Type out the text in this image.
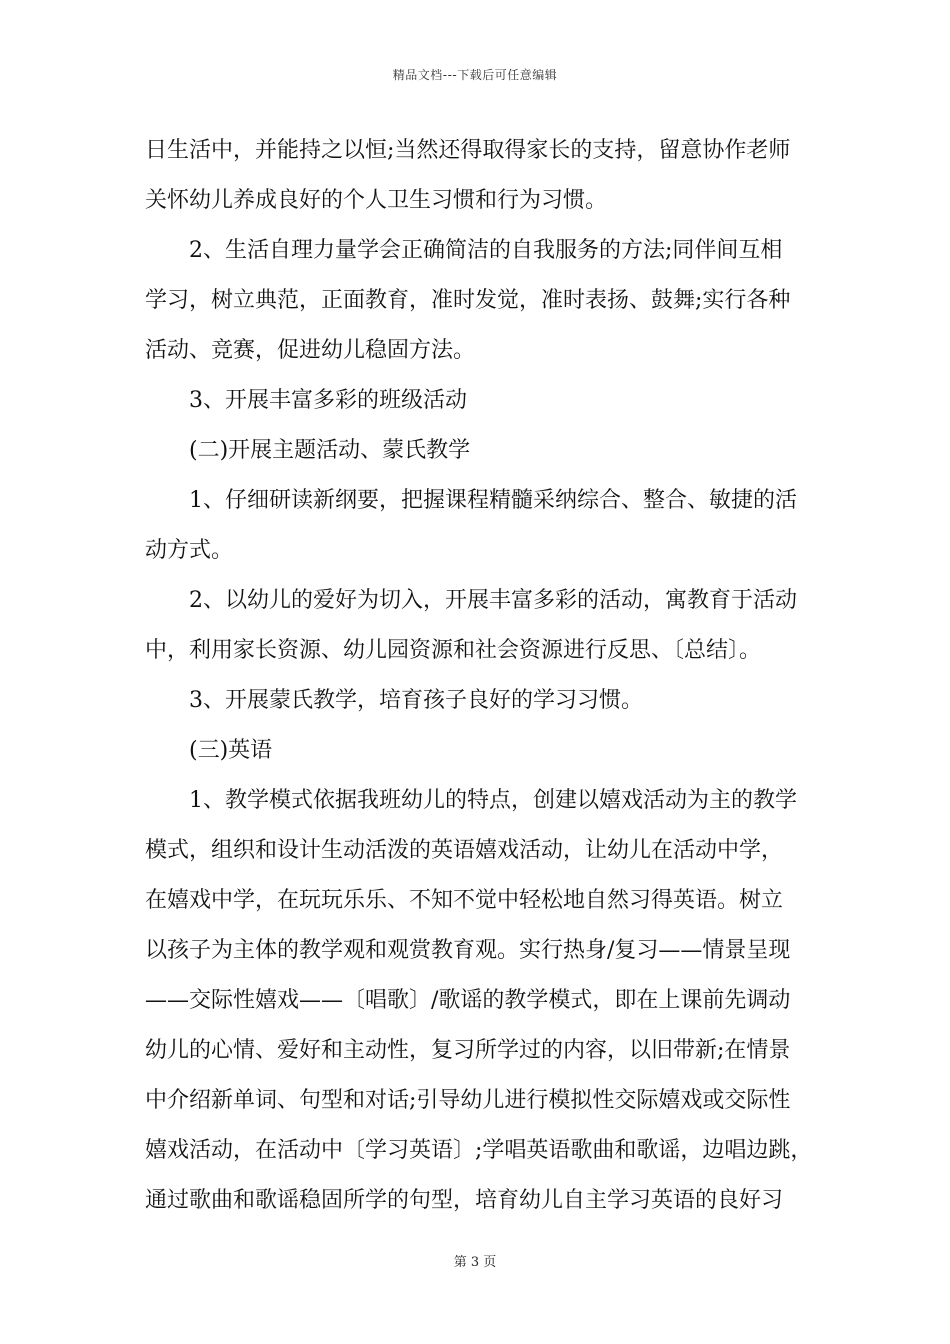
精品文档---下载后可任意编辑
日生活中，并能持之以恒;当然还得取得家长的支持，留意协作老师
关怀幼儿养成良好的个人卫生习惯和行为习惯。
2、生活自理力量学会正确简洁的自我服务的方法;同伴间互相
学习，树立典范，正面教育，准时发觉，准时表扬、鼓舞;实行各种
活动、竞赛，促进幼儿稳固方法。
3、开展丰富多彩的班级活动
(二)开展主题活动、蒙氏教学
1、仔细研读新纲要，把握课程精髓采纳综合、整合、敏捷的活
动方式。
2、以幼儿的爱好为切入，开展丰富多彩的活动，寓教育于活动
中，利用家长资源、幼儿园资源和社会资源进行反思、〔总结〕。
3、开展蒙氏教学，培育孩子良好的学习习惯。
(三)英语
1、教学模式依据我班幼儿的特点，创建以嬉戏活动为主的教学
模式，组织和设计生动活泼的英语嬉戏活动，让幼儿在活动中学，
在嬉戏中学，在玩玩乐乐、不知不觉中轻松地自然习得英语。树立
以孩子为主体的教学观和观赏教育观。实行热身/复习——情景呈现
——交际性嬉戏——〔唱歌〕/歌谣的教学模式，即在上课前先调动
幼儿的心情、爱好和主动性，复习所学过的内容，以旧带新;在情景
中介绍新单词、句型和对话;引导幼儿进行模拟性交际嬉戏或交际性
嬉戏活动，在活动中〔学习英语〕;学唱英语歌曲和歌谣，边唱边跳，
通过歌曲和歌谣稳固所学的句型，培育幼儿自主学习英语的良好习
第 3 页
